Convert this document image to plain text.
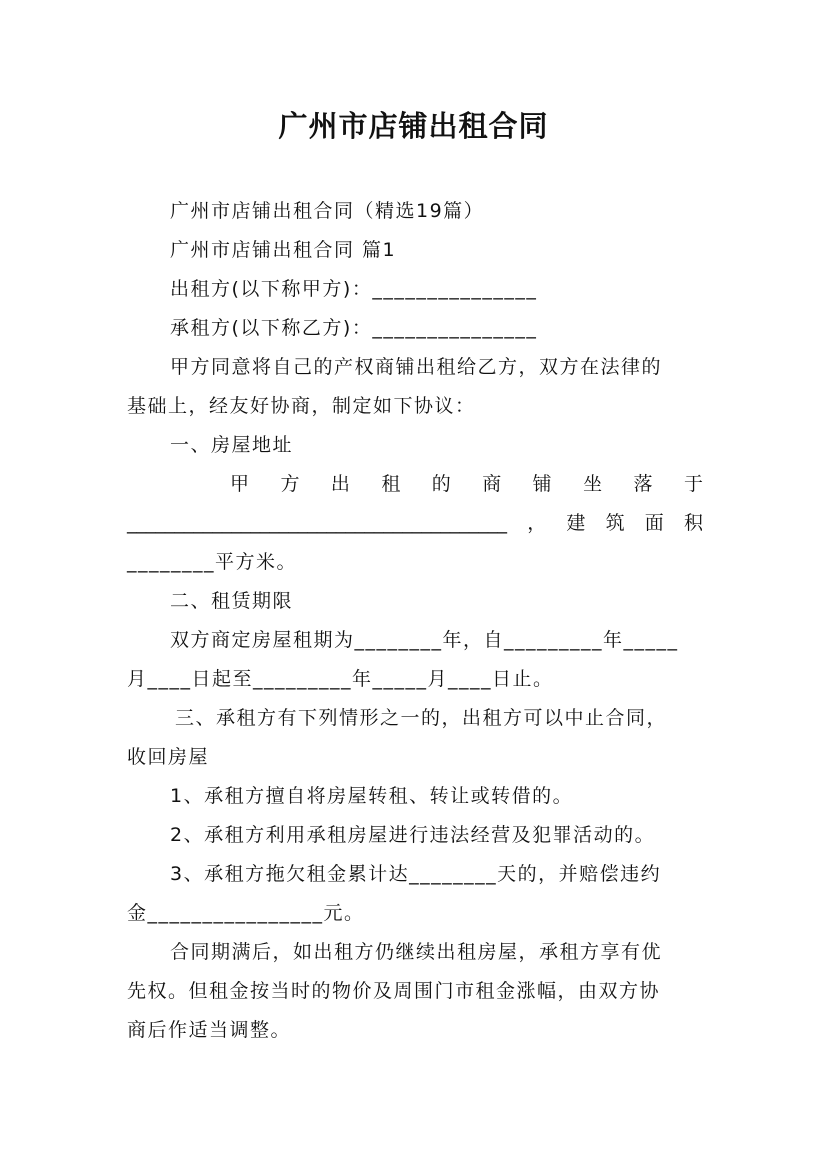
广州市店铺出租合同
广州市店铺出租合同（精选19篇）
广州市店铺出租合同 篇1
出租方(以下称甲方)：_______________
承租方(以下称乙方)：_______________
甲方同意将自己的产权商铺出租给乙方，双方在法律的
基础上，经友好协商，制定如下协议：
一、房屋地址
甲 方 出 租 的 商 铺 坐 落 于
________________________________________，建筑面积
________平方米。
二、租赁期限
双方商定房屋租期为________年，自_________年_____
月____日起至_________年_____月____日止。
三、承租方有下列情形之一的，出租方可以中止合同，
收回房屋
1、承租方擅自将房屋转租、转让或转借的。
2、承租方利用承租房屋进行违法经营及犯罪活动的。
3、承租方拖欠租金累计达________天的，并赔偿违约
金________________元。
合同期满后，如出租方仍继续出租房屋，承租方享有优
先权。但租金按当时的物价及周围门市租金涨幅，由双方协
商后作适当调整。
